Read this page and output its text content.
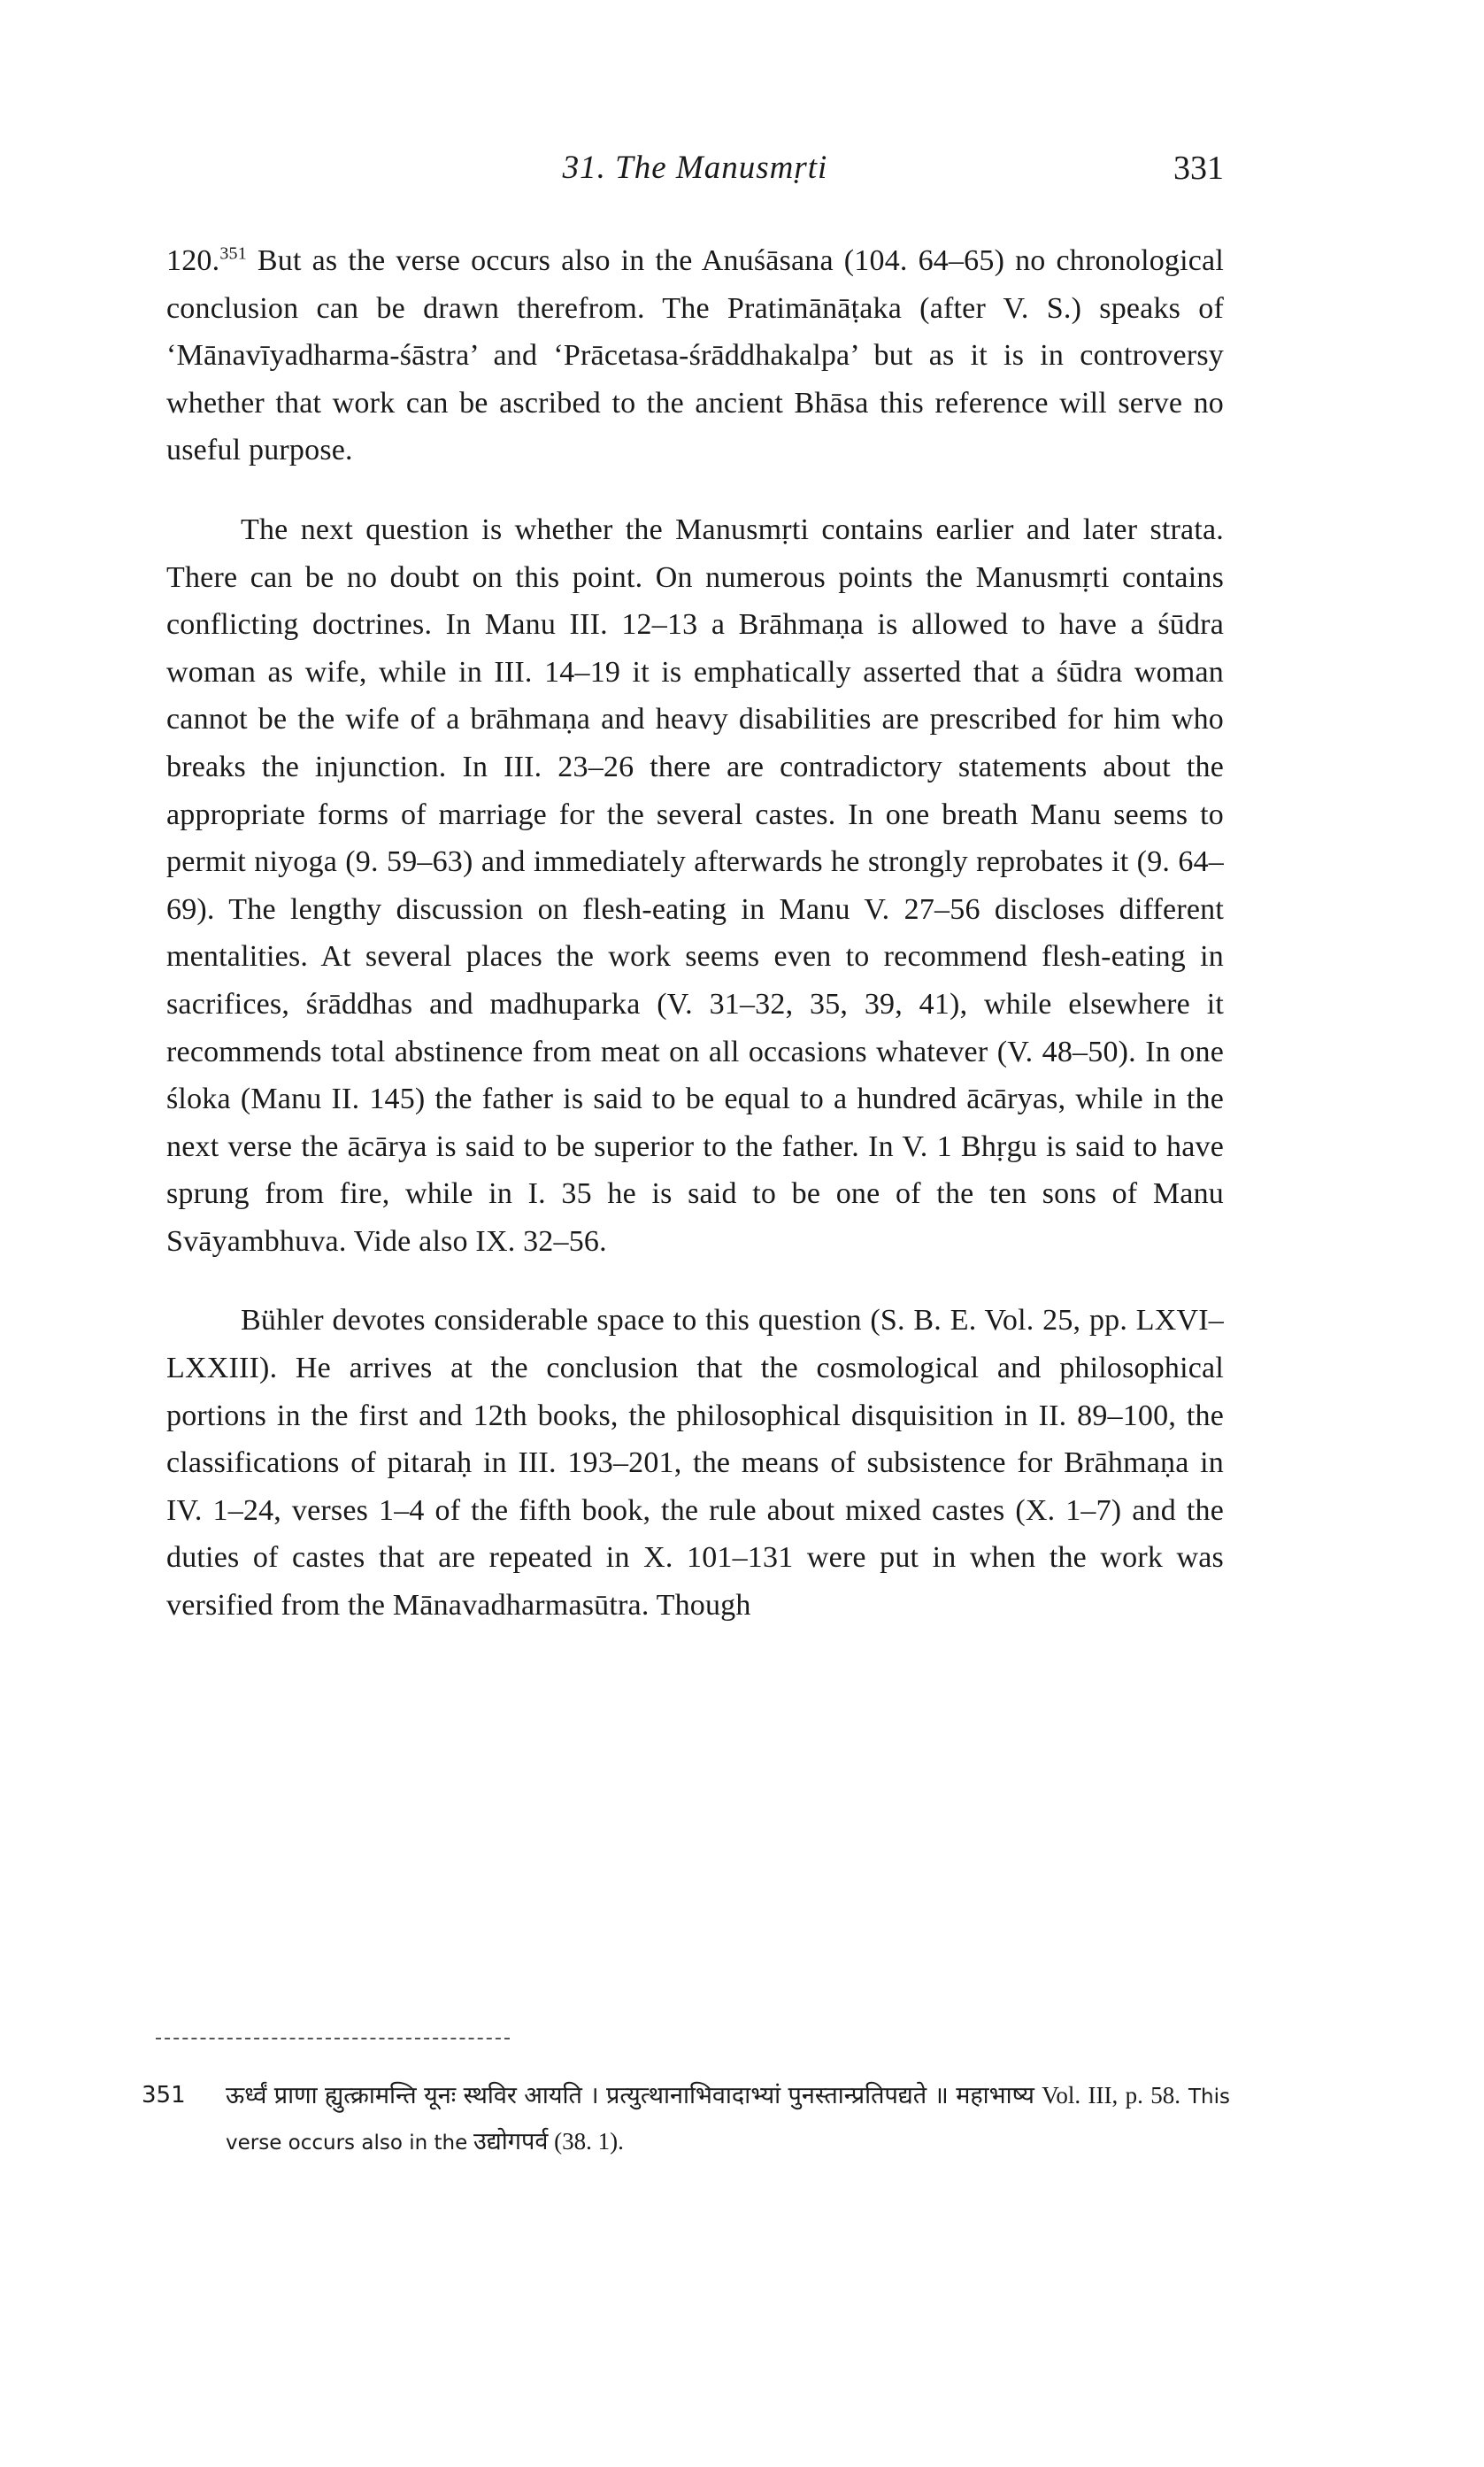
31. The Manusmṛti	331

120.$^{351}$ But as the verse occurs also in the Anuśāsana (104. 64–65) no chronological conclusion can be drawn therefrom. The Pratimānāṭaka (after V. S.) speaks of ‘Mānavīyadharma-śāstra’ and ‘Prācetasa-śrāddhakalpa’ but as it is in controversy whether that work can be ascribed to the ancient Bhāsa this reference will serve no useful purpose.

The next question is whether the Manusmṛti contains earlier and later strata. There can be no doubt on this point. On numerous points the Manusmṛti contains conflicting doctrines. In Manu III. 12–13 a Brāhmaṇa is allowed to have a śūdra woman as wife, while in III. 14–19 it is emphatically asserted that a śūdra woman cannot be the wife of a brāhmaṇa and heavy disabilities are prescribed for him who breaks the injunction. In III. 23–26 there are contradictory statements about the appropriate forms of marriage for the several castes. In one breath Manu seems to permit niyoga (9. 59–63) and immediately afterwards he strongly reprobates it (9. 64–69). The lengthy discussion on flesh-eating in Manu V. 27–56 discloses different mentalities. At several places the work seems even to recommend flesh-eating in sacrifices, śrāddhas and madhuparka (V. 31–32, 35, 39, 41), while elsewhere it recommends total abstinence from meat on all occasions whatever (V. 48–50). In one śloka (Manu II. 145) the father is said to be equal to a hundred ācāryas, while in the next verse the ācārya is said to be superior to the father. In V. 1 Bhṛgu is said to have sprung from fire, while in I. 35 he is said to be one of the ten sons of Manu Svāyambhuva. Vide also IX. 32–56.

Bühler devotes considerable space to this question (S. B. E. Vol. 25, pp. LXVI–LXXIII). He arrives at the conclusion that the cosmological and philosophical portions in the first and 12th books, the philosophical disquisition in II. 89–100, the classifications of pitaraḥ in III. 193–201, the means of subsistence for Brāhmaṇa in IV. 1–24, verses 1–4 of the fifth book, the rule about mixed castes (X. 1–7) and the duties of castes that are repeated in X. 101–131 were put in when the work was versified from the Mānavadharmasūtra. Though

351 ऊर्ध्वं प्राणा ह्युत्क्रामन्ति यूनः स्थविर आयति । प्रत्युत्थानाभिवादाभ्यां पुनस्तान्प्रतिपद्यते ॥ महाभाष्य Vol. III, p. 58. This verse occurs also in the उद्योगपर्व (38. 1).
